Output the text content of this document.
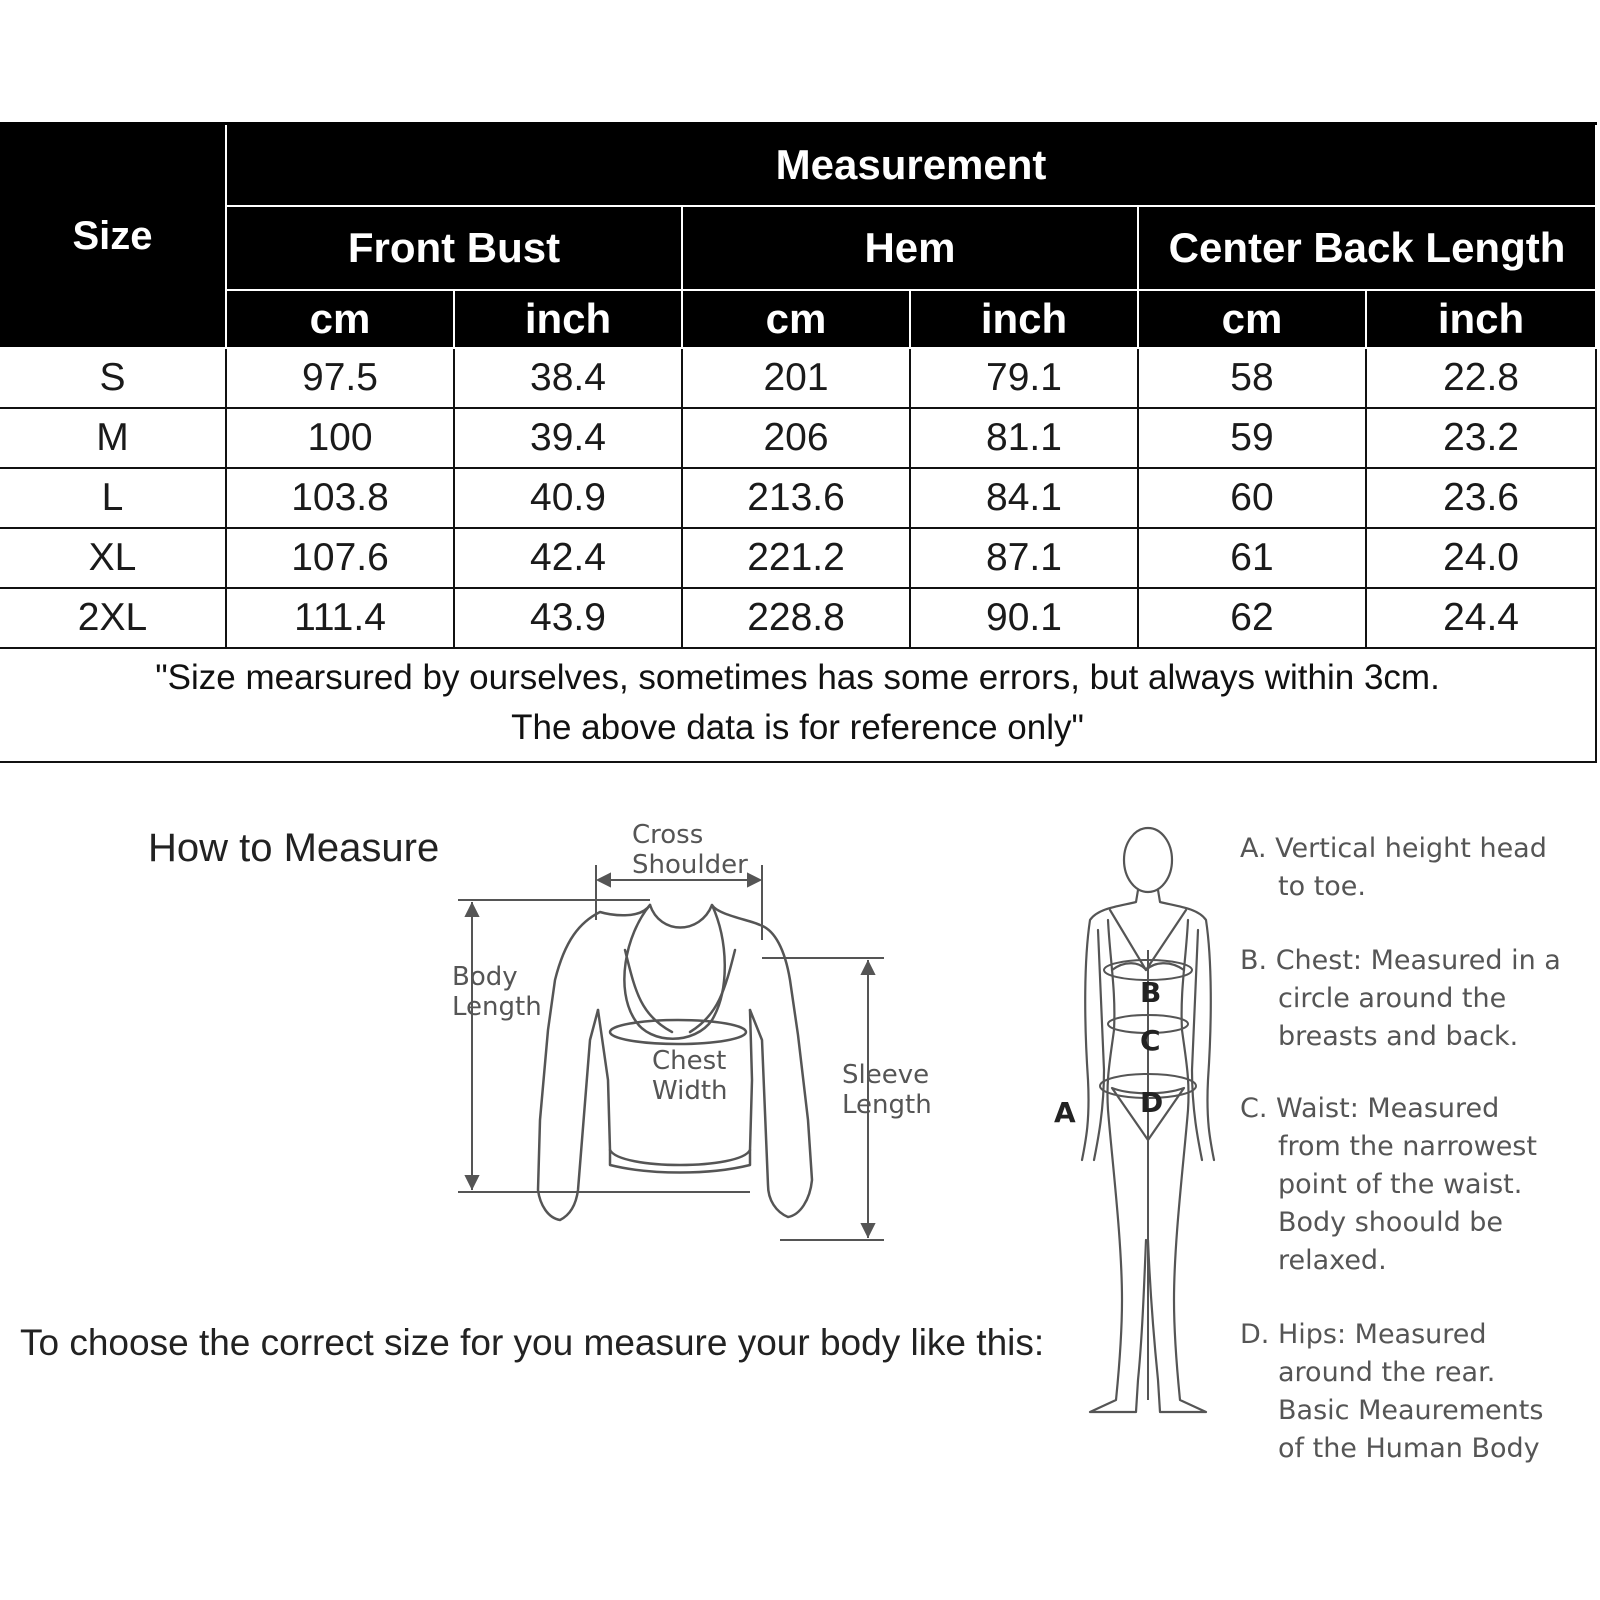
Size	Measurement					
	Front Bust		Hem		Center Back Length	
	cm	inch	cm	inch	cm	inch
S	97.5	38.4	201	79.1	58	22.8
M	100	39.4	206	81.1	59	23.2
L	103.8	40.9	213.6	84.1	60	23.6
XL	107.6	42.4	221.2	87.1	61	24.0
2XL	111.4	43.9	228.8	90.1	62	24.4

"Size mearsured by ourselves, sometimes has some errors, but always within 3cm.
The above data is for reference only"						
How to Measure
To choose the correct size for you measure your body like this:
Cross
Shoulder
Body
Length
Chest
Width
Sleeve
Length
B
C
D
A

A. Vertical height head

to toe.

B. Chest: Measured in a

circle around the

breasts and back.

C. Waist: Measured

from the narrowest

point of the waist.

Body shoould be

relaxed.

D. Hips: Measured

around the rear.

Basic Meaurements

of the Human Body
